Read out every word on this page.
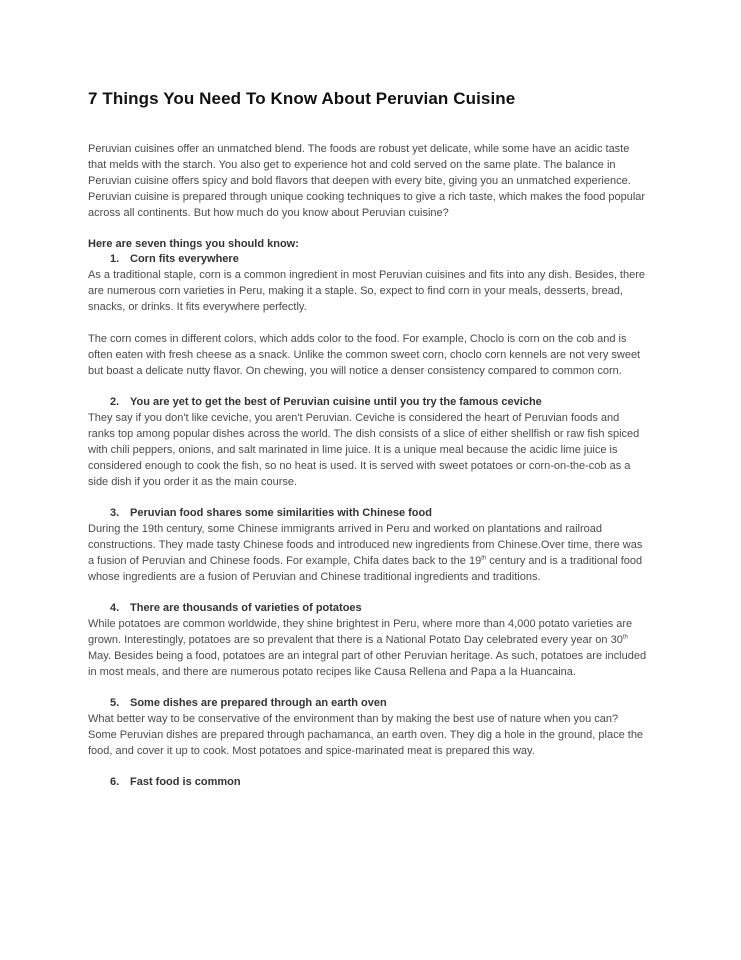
7 Things You Need To Know About Peruvian Cuisine

Peruvian cuisines offer an unmatched blend. The foods are robust yet delicate, while some have an acidic taste that melds with the starch. You also get to experience hot and cold served on the same plate. The balance in Peruvian cuisine offers spicy and bold flavors that deepen with every bite, giving you an unmatched experience. Peruvian cuisine is prepared through unique cooking techniques to give a rich taste, which makes the food popular across all continents. But how much do you know about Peruvian cuisine?

Here are seven things you should know:
1. Corn fits everywhere

As a traditional staple, corn is a common ingredient in most Peruvian cuisines and fits into any dish. Besides, there are numerous corn varieties in Peru, making it a staple. So, expect to find corn in your meals, desserts, bread, snacks, or drinks. It fits everywhere perfectly.

The corn comes in different colors, which adds color to the food. For example, Choclo is corn on the cob and is often eaten with fresh cheese as a snack. Unlike the common sweet corn, choclo corn kennels are not very sweet but boast a delicate nutty flavor. On chewing, you will notice a denser consistency compared to common corn.

2. You are yet to get the best of Peruvian cuisine until you try the famous ceviche

They say if you don't like ceviche, you aren't Peruvian. Ceviche is considered the heart of Peruvian foods and ranks top among popular dishes across the world. The dish consists of a slice of either shellfish or raw fish spiced with chili peppers, onions, and salt marinated in lime juice. It is a unique meal because the acidic lime juice is considered enough to cook the fish, so no heat is used. It is served with sweet potatoes or corn-on-the-cob as a side dish if you order it as the main course.

3. Peruvian food shares some similarities with Chinese food

During the 19th century, some Chinese immigrants arrived in Peru and worked on plantations and railroad constructions. They made tasty Chinese foods and introduced new ingredients from Chinese.Over time, there was a fusion of Peruvian and Chinese foods. For example, Chifa dates back to the 19th century and is a traditional food whose ingredients are a fusion of Peruvian and Chinese traditional ingredients and traditions.

4. There are thousands of varieties of potatoes

While potatoes are common worldwide, they shine brightest in Peru, where more than 4,000 potato varieties are grown. Interestingly, potatoes are so prevalent that there is a National Potato Day celebrated every year on 30th May. Besides being a food, potatoes are an integral part of other Peruvian heritage. As such, potatoes are included in most meals, and there are numerous potato recipes like Causa Rellena and Papa a la Huancaina.

5. Some dishes are prepared through an earth oven

What better way to be conservative of the environment than by making the best use of nature when you can? Some Peruvian dishes are prepared through pachamanca, an earth oven. They dig a hole in the ground, place the food, and cover it up to cook. Most potatoes and spice-marinated meat is prepared this way.

6. Fast food is common
